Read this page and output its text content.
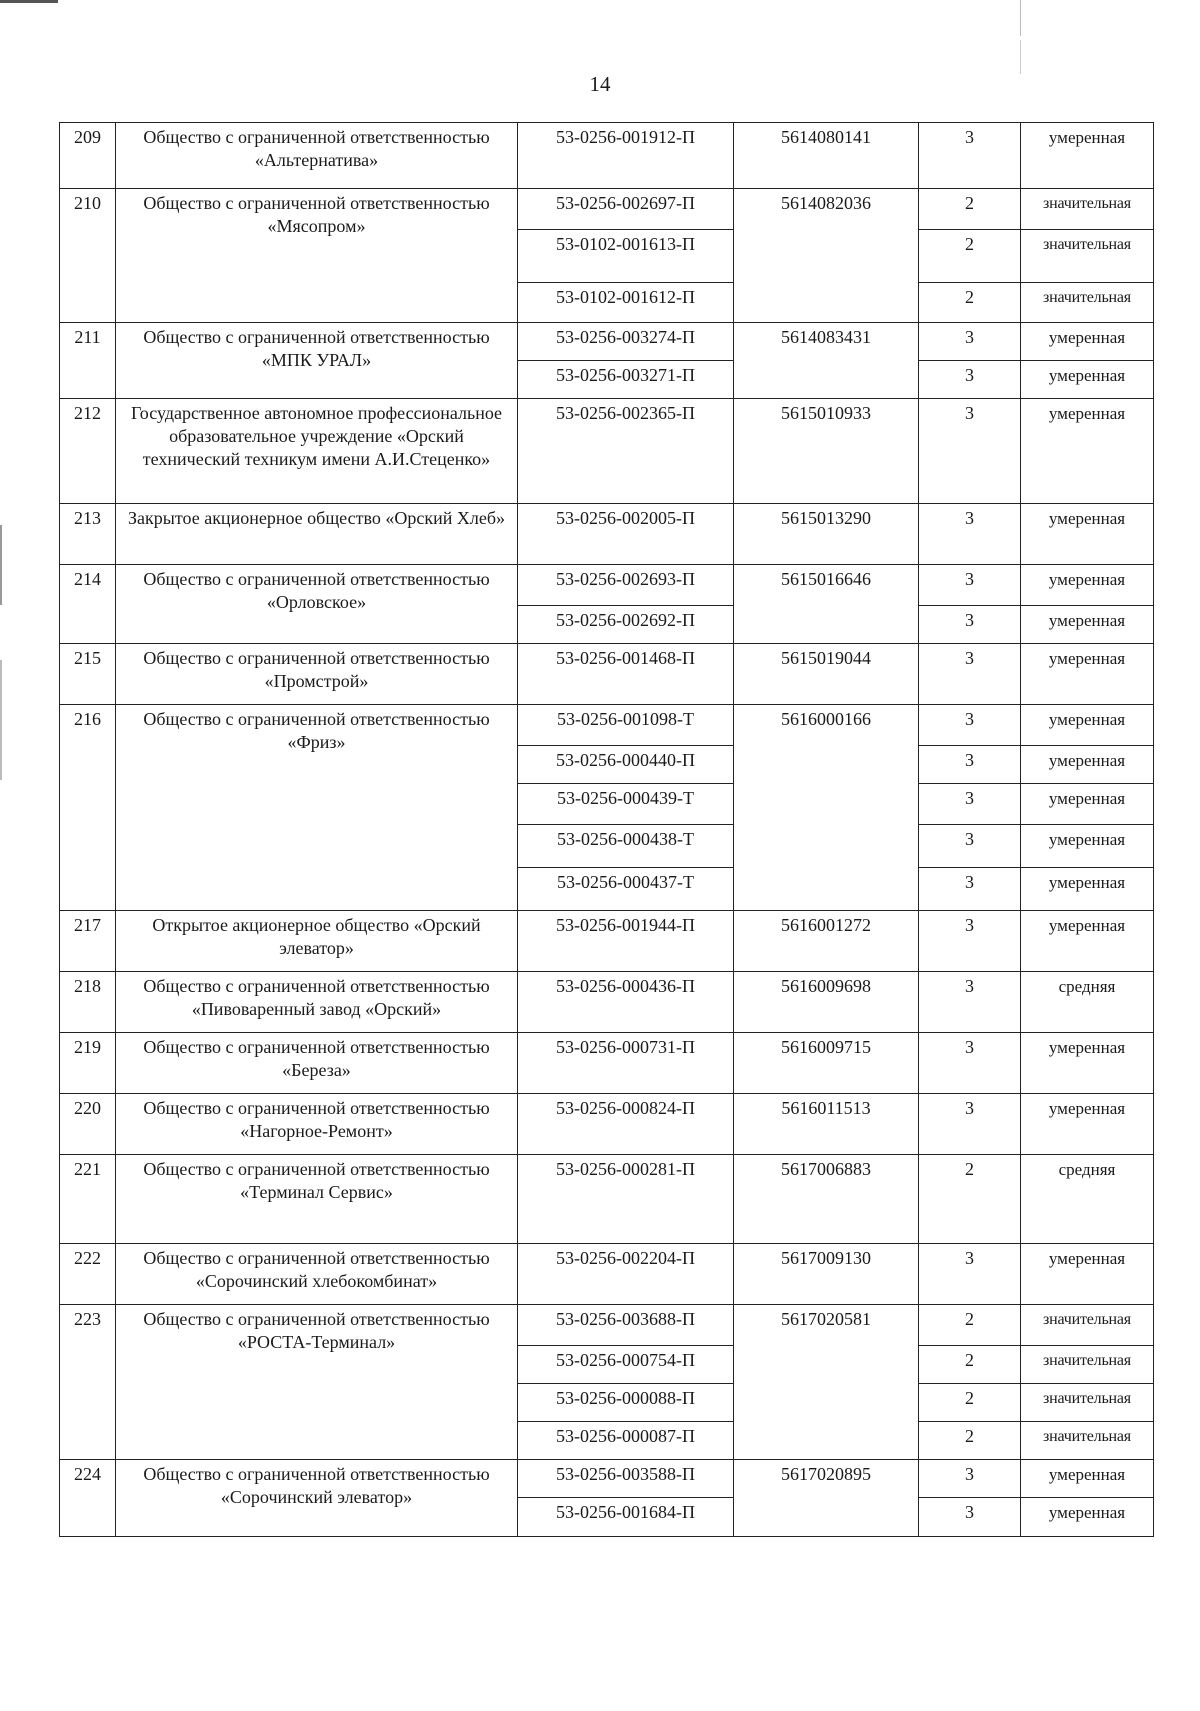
14
209	Общество с ограниченной ответственностью «Альтернатива»	53-0256-001912-П	5614080141	3	умеренная
210	Общество с ограниченной ответственностью «Мясопром»	53-0256-002697-П	5614082036	2	значительная
		53-0102-001613-П		2	значительная
		53-0102-001612-П		2	значительная
211	Общество с ограниченной ответственностью «МПК УРАЛ»	53-0256-003274-П	5614083431	3	умеренная
		53-0256-003271-П		3	умеренная
212	Государственное автономное профессиональное образовательное учреждение «Орский технический техникум имени А.И.Стеценко»	53-0256-002365-П	5615010933	3	умеренная
213	Закрытое акционерное общество «Орский Хлеб»	53-0256-002005-П	5615013290	3	умеренная
214	Общество с ограниченной ответственностью «Орловское»	53-0256-002693-П	5615016646	3	умеренная
		53-0256-002692-П		3	умеренная
215	Общество с ограниченной ответственностью «Промстрой»	53-0256-001468-П	5615019044	3	умеренная
216	Общество с ограниченной ответственностью «Фриз»	53-0256-001098-Т	5616000166	3	умеренная
		53-0256-000440-П		3	умеренная
		53-0256-000439-Т		3	умеренная
		53-0256-000438-Т		3	умеренная
		53-0256-000437-Т		3	умеренная
217	Открытое акционерное общество «Орский элеватор»	53-0256-001944-П	5616001272	3	умеренная
218	Общество с ограниченной ответственностью «Пивоваренный завод «Орский»	53-0256-000436-П	5616009698	3	средняя
219	Общество с ограниченной ответственностью «Береза»	53-0256-000731-П	5616009715	3	умеренная
220	Общество с ограниченной ответственностью «Нагорное-Ремонт»	53-0256-000824-П	5616011513	3	умеренная
221	Общество с ограниченной ответственностью «Терминал Сервис»	53-0256-000281-П	5617006883	2	средняя
222	Общество с ограниченной ответственностью «Сорочинский хлебокомбинат»	53-0256-002204-П	5617009130	3	умеренная
223	Общество с ограниченной ответственностью «РОСТА-Терминал»	53-0256-003688-П	5617020581	2	значительная
		53-0256-000754-П		2	значительная
		53-0256-000088-П		2	значительная
		53-0256-000087-П		2	значительная
224	Общество с ограниченной ответственностью «Сорочинский элеватор»	53-0256-003588-П	5617020895	3	умеренная
		53-0256-001684-П		3	умеренная
